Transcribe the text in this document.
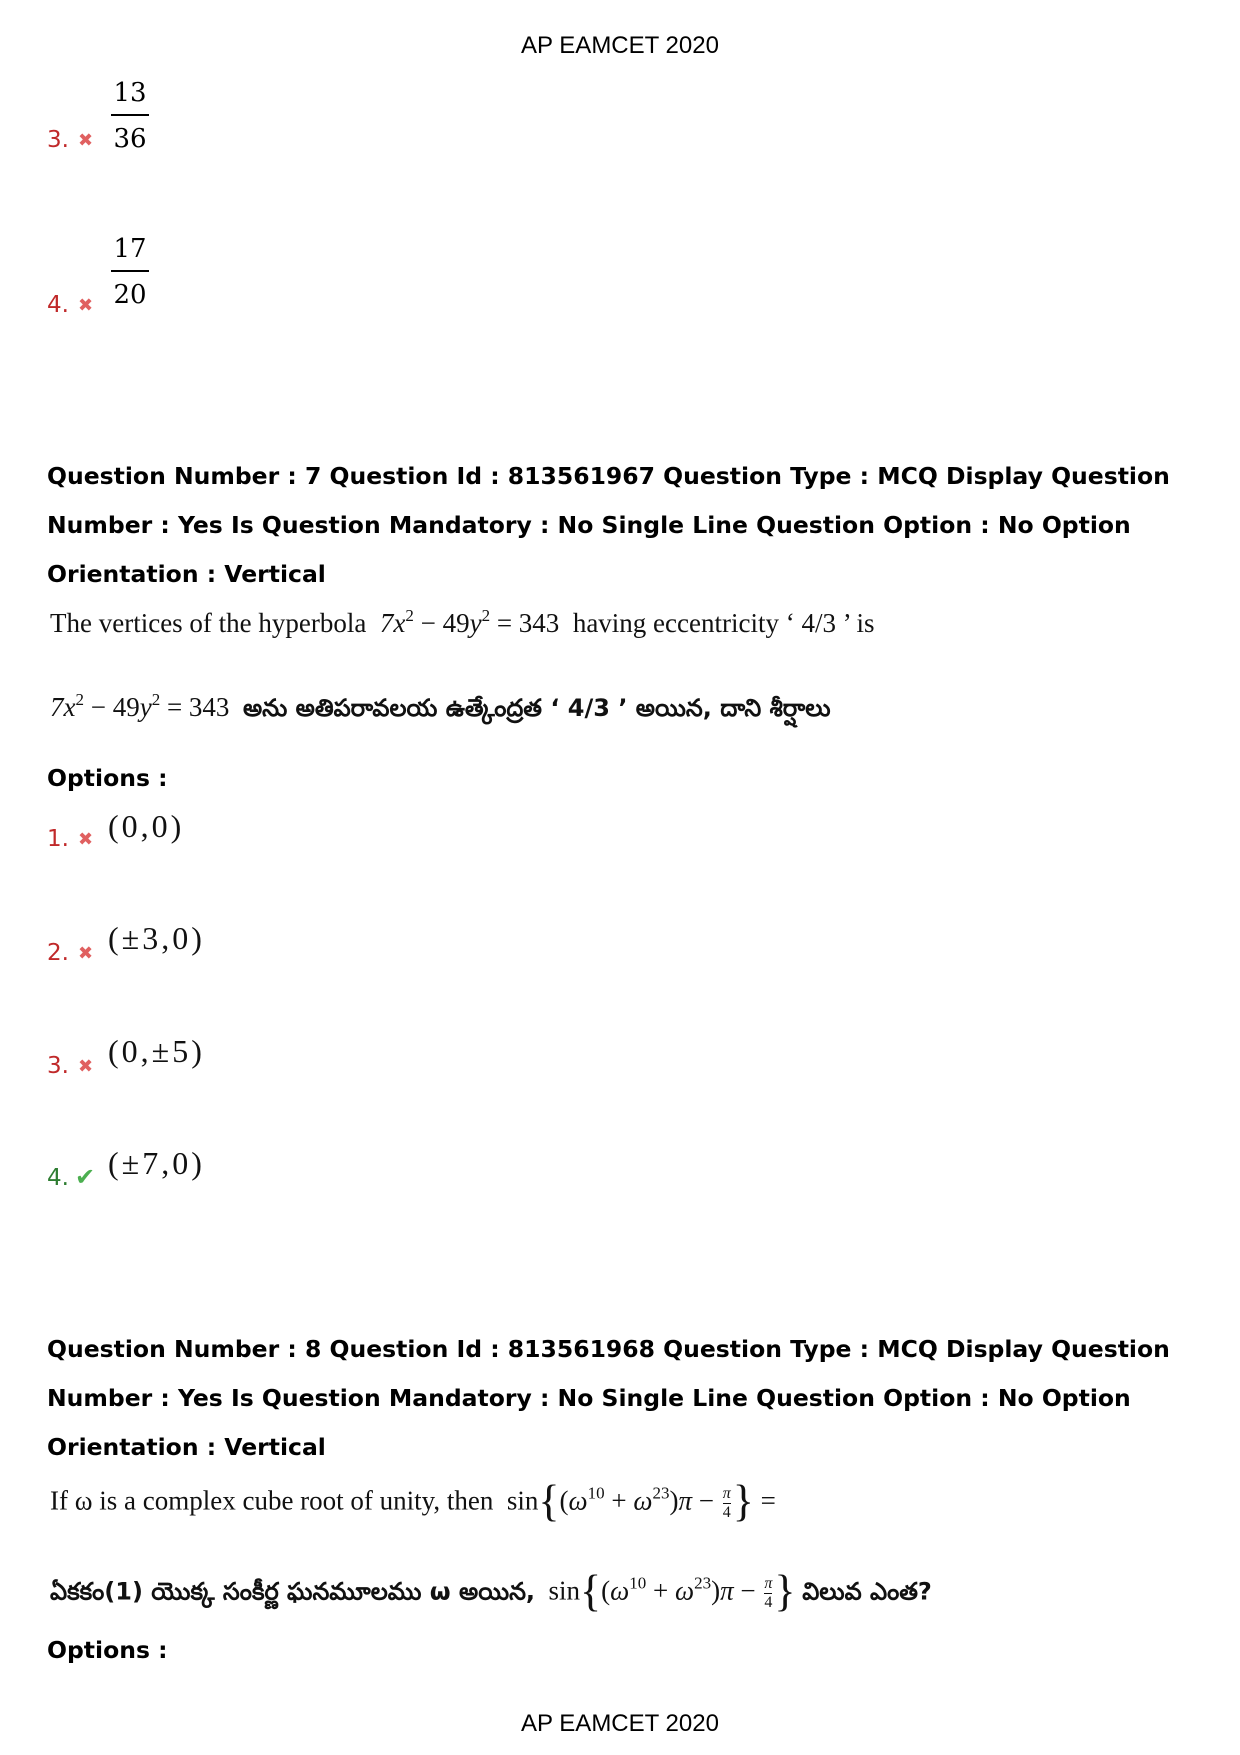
AP EAMCET 2020
3. ✖
13
36
4. ✖
17
20
Question Number : 7 Question Id : 813561967 Question Type : MCQ Display Question Number : Yes Is Question Mandatory : No Single Line Question Option : No Option Orientation : Vertical
The vertices of the hyperbola $7x^2 - 49y^2 = 343$  having eccentricity ‘ 4/3 ’ is
$7x^2 - 49y^2 = 343$  అను అతిపరావలయ ఉత్కేంద్రత ‘ 4/3 ’ అయిన, దాని శీర్షాలు
Options :
1. ✖ (0,0)
2. ✖ (±3,0)
3. ✖ (0,±5)
4. ✔ (±7,0)
Question Number : 8 Question Id : 813561968 Question Type : MCQ Display Question Number : Yes Is Question Mandatory : No Single Line Question Option : No Option Orientation : Vertical
If ω is a complex cube root of unity, then  $\sin\{(\omega^{10} + \omega^{23})\pi - \frac{\pi}{4}$ } =
ఏకకం(1) యొక్క సంకీర్ణ ఘనమూలము ω అయిన,  $\sin\{(\omega^{10} + \omega^{23})\pi - \frac{\pi}{4}$ } విలువ ఎంత?
Options :
AP EAMCET 2020
